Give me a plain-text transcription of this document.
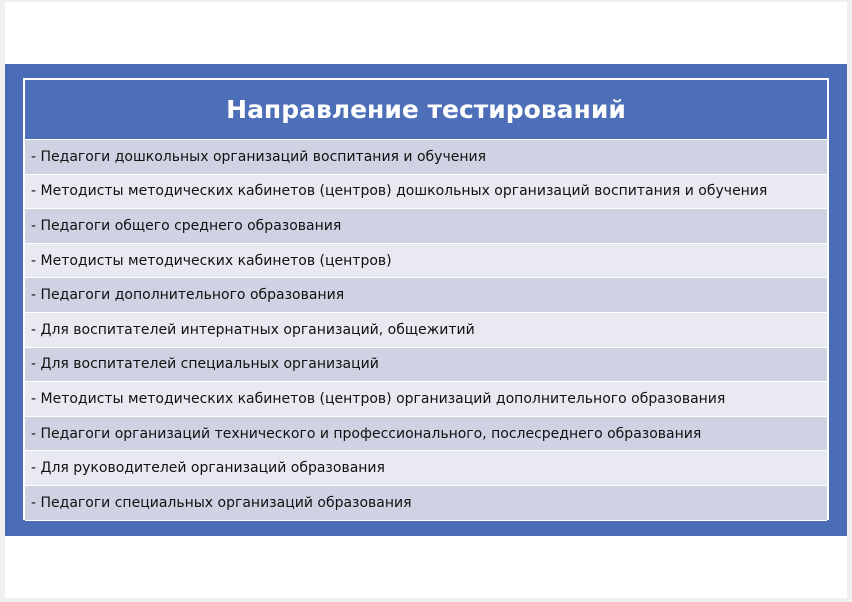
Направление тестирований
- Педагоги дошкольных организаций воспитания и обучения
- Методисты методических кабинетов (центров) дошкольных организаций воспитания и обучения
- Педагоги общего среднего образования
- Методисты методических кабинетов (центров)
- Педагоги дополнительного образования
- Для воспитателей интернатных организаций, общежитий
- Для воспитателей специальных организаций
- Методисты методических кабинетов (центров) организаций дополнительного образования
- Педагоги организаций технического и профессионального, послесреднего образования
- Для руководителей организаций образования
- Педагоги специальных организаций образования
